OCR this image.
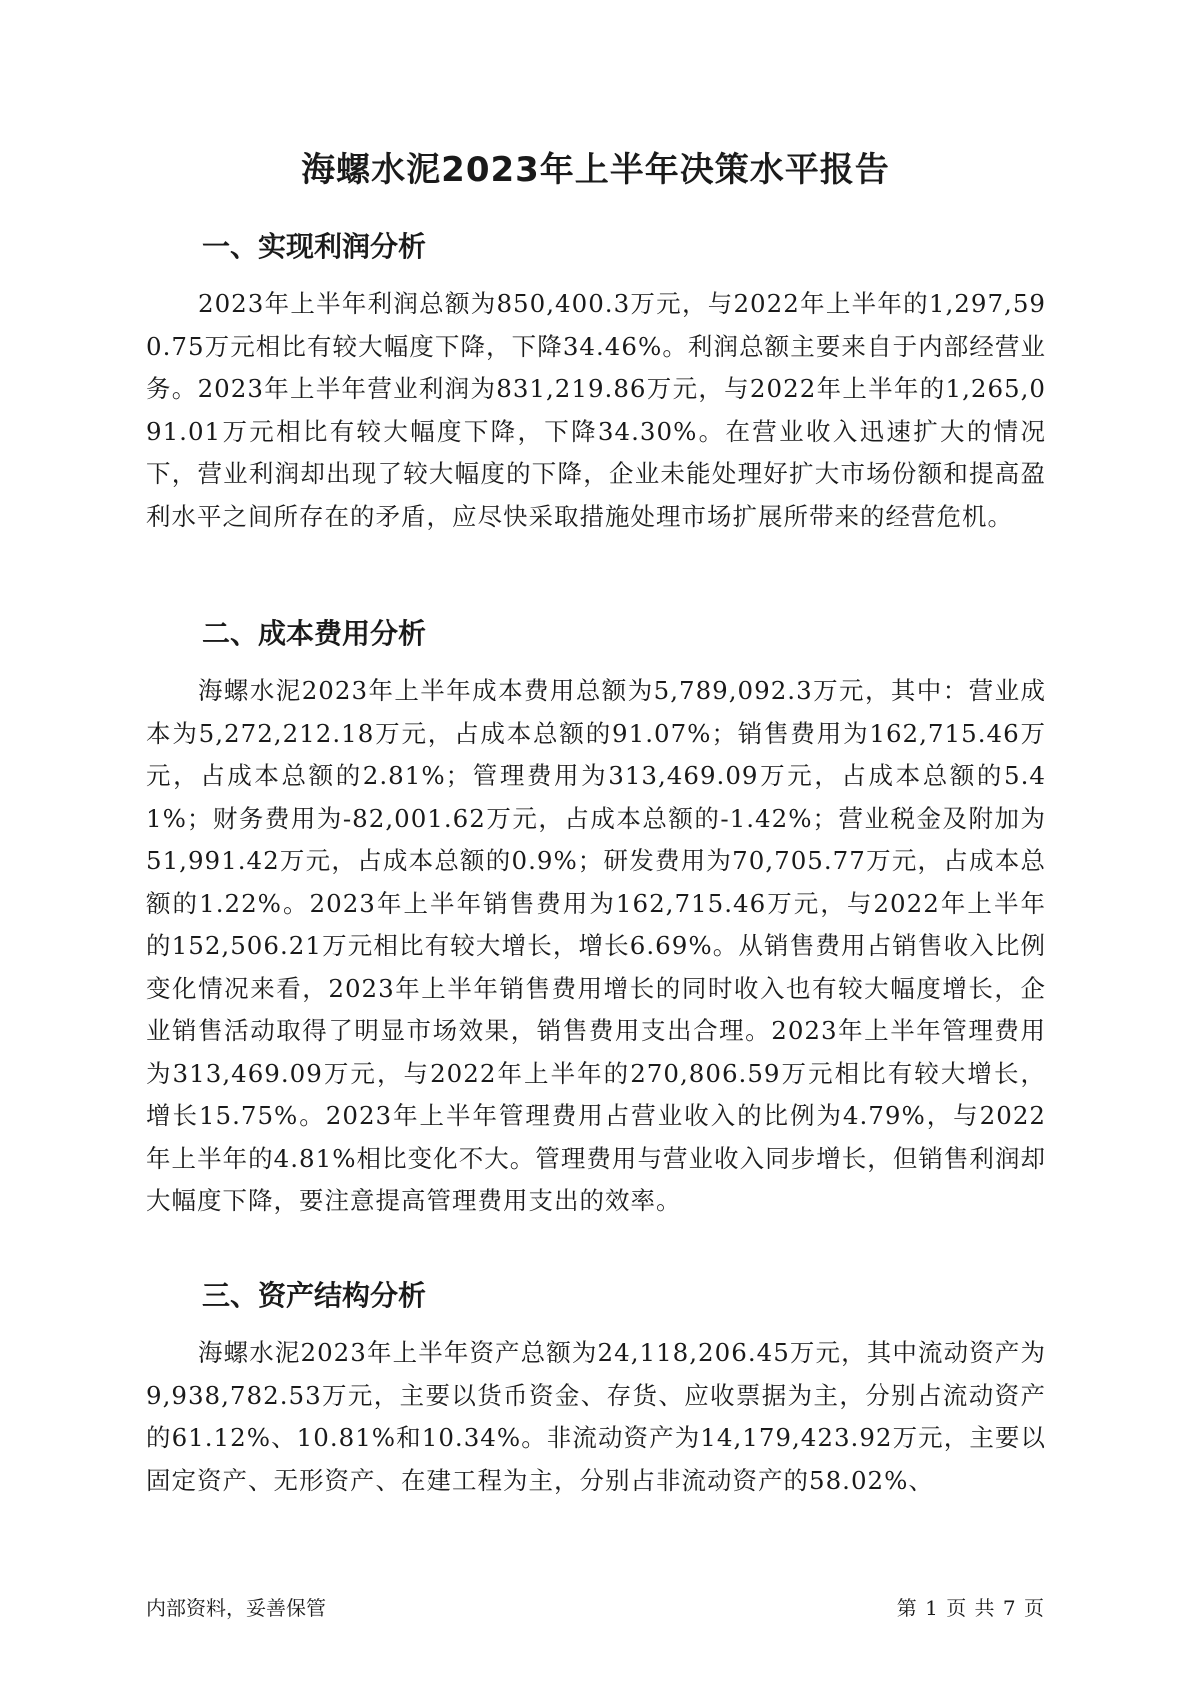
海螺水泥2023年上半年决策水平报告
一、实现利润分析

2023年上半年利润总额为850,400.3万元，与2022年上半年的1,297,590.75万元相比有较大幅度下降，下降34.46%。利润总额主要来自于内部经营业务。2023年上半年营业利润为831,219.86万元，与2022年上半年的1,265,091.01万元相比有较大幅度下降，下降34.30%。在营业收入迅速扩大的情况下，营业利润却出现了较大幅度的下降，企业未能处理好扩大市场份额和提高盈利水平之间所存在的矛盾，应尽快采取措施处理市场扩展所带来的经营危机。

二、成本费用分析

海螺水泥2023年上半年成本费用总额为5,789,092.3万元，其中：营业成本为5,272,212.18万元，占成本总额的91.07%；销售费用为162,715.46万元，占成本总额的2.81%；管理费用为313,469.09万元，占成本总额的5.41%；财务费用为-82,001.62万元，占成本总额的-1.42%；营业税金及附加为51,991.42万元，占成本总额的0.9%；研发费用为70,705.77万元，占成本总额的1.22%。2023年上半年销售费用为162,715.46万元，与2022年上半年的152,506.21万元相比有较大增长，增长6.69%。从销售费用占销售收入比例变化情况来看，2023年上半年销售费用增长的同时收入也有较大幅度增长，企业销售活动取得了明显市场效果，销售费用支出合理。2023年上半年管理费用为313,469.09万元，与2022年上半年的270,806.59万元相比有较大增长，增长15.75%。2023年上半年管理费用占营业收入的比例为4.79%，与2022年上半年的4.81%相比变化不大。管理费用与营业收入同步增长，但销售利润却大幅度下降，要注意提高管理费用支出的效率。

三、资产结构分析

海螺水泥2023年上半年资产总额为24,118,206.45万元，其中流动资产为9,938,782.53万元，主要以货币资金、存货、应收票据为主，分别占流动资产的61.12%、10.81%和10.34%。非流动资产为14,179,423.92万元，主要以固定资产、无形资产、在建工程为主，分别占非流动资产的58.02%、

内部资料，妥善保管	第 1 页 共 7 页
